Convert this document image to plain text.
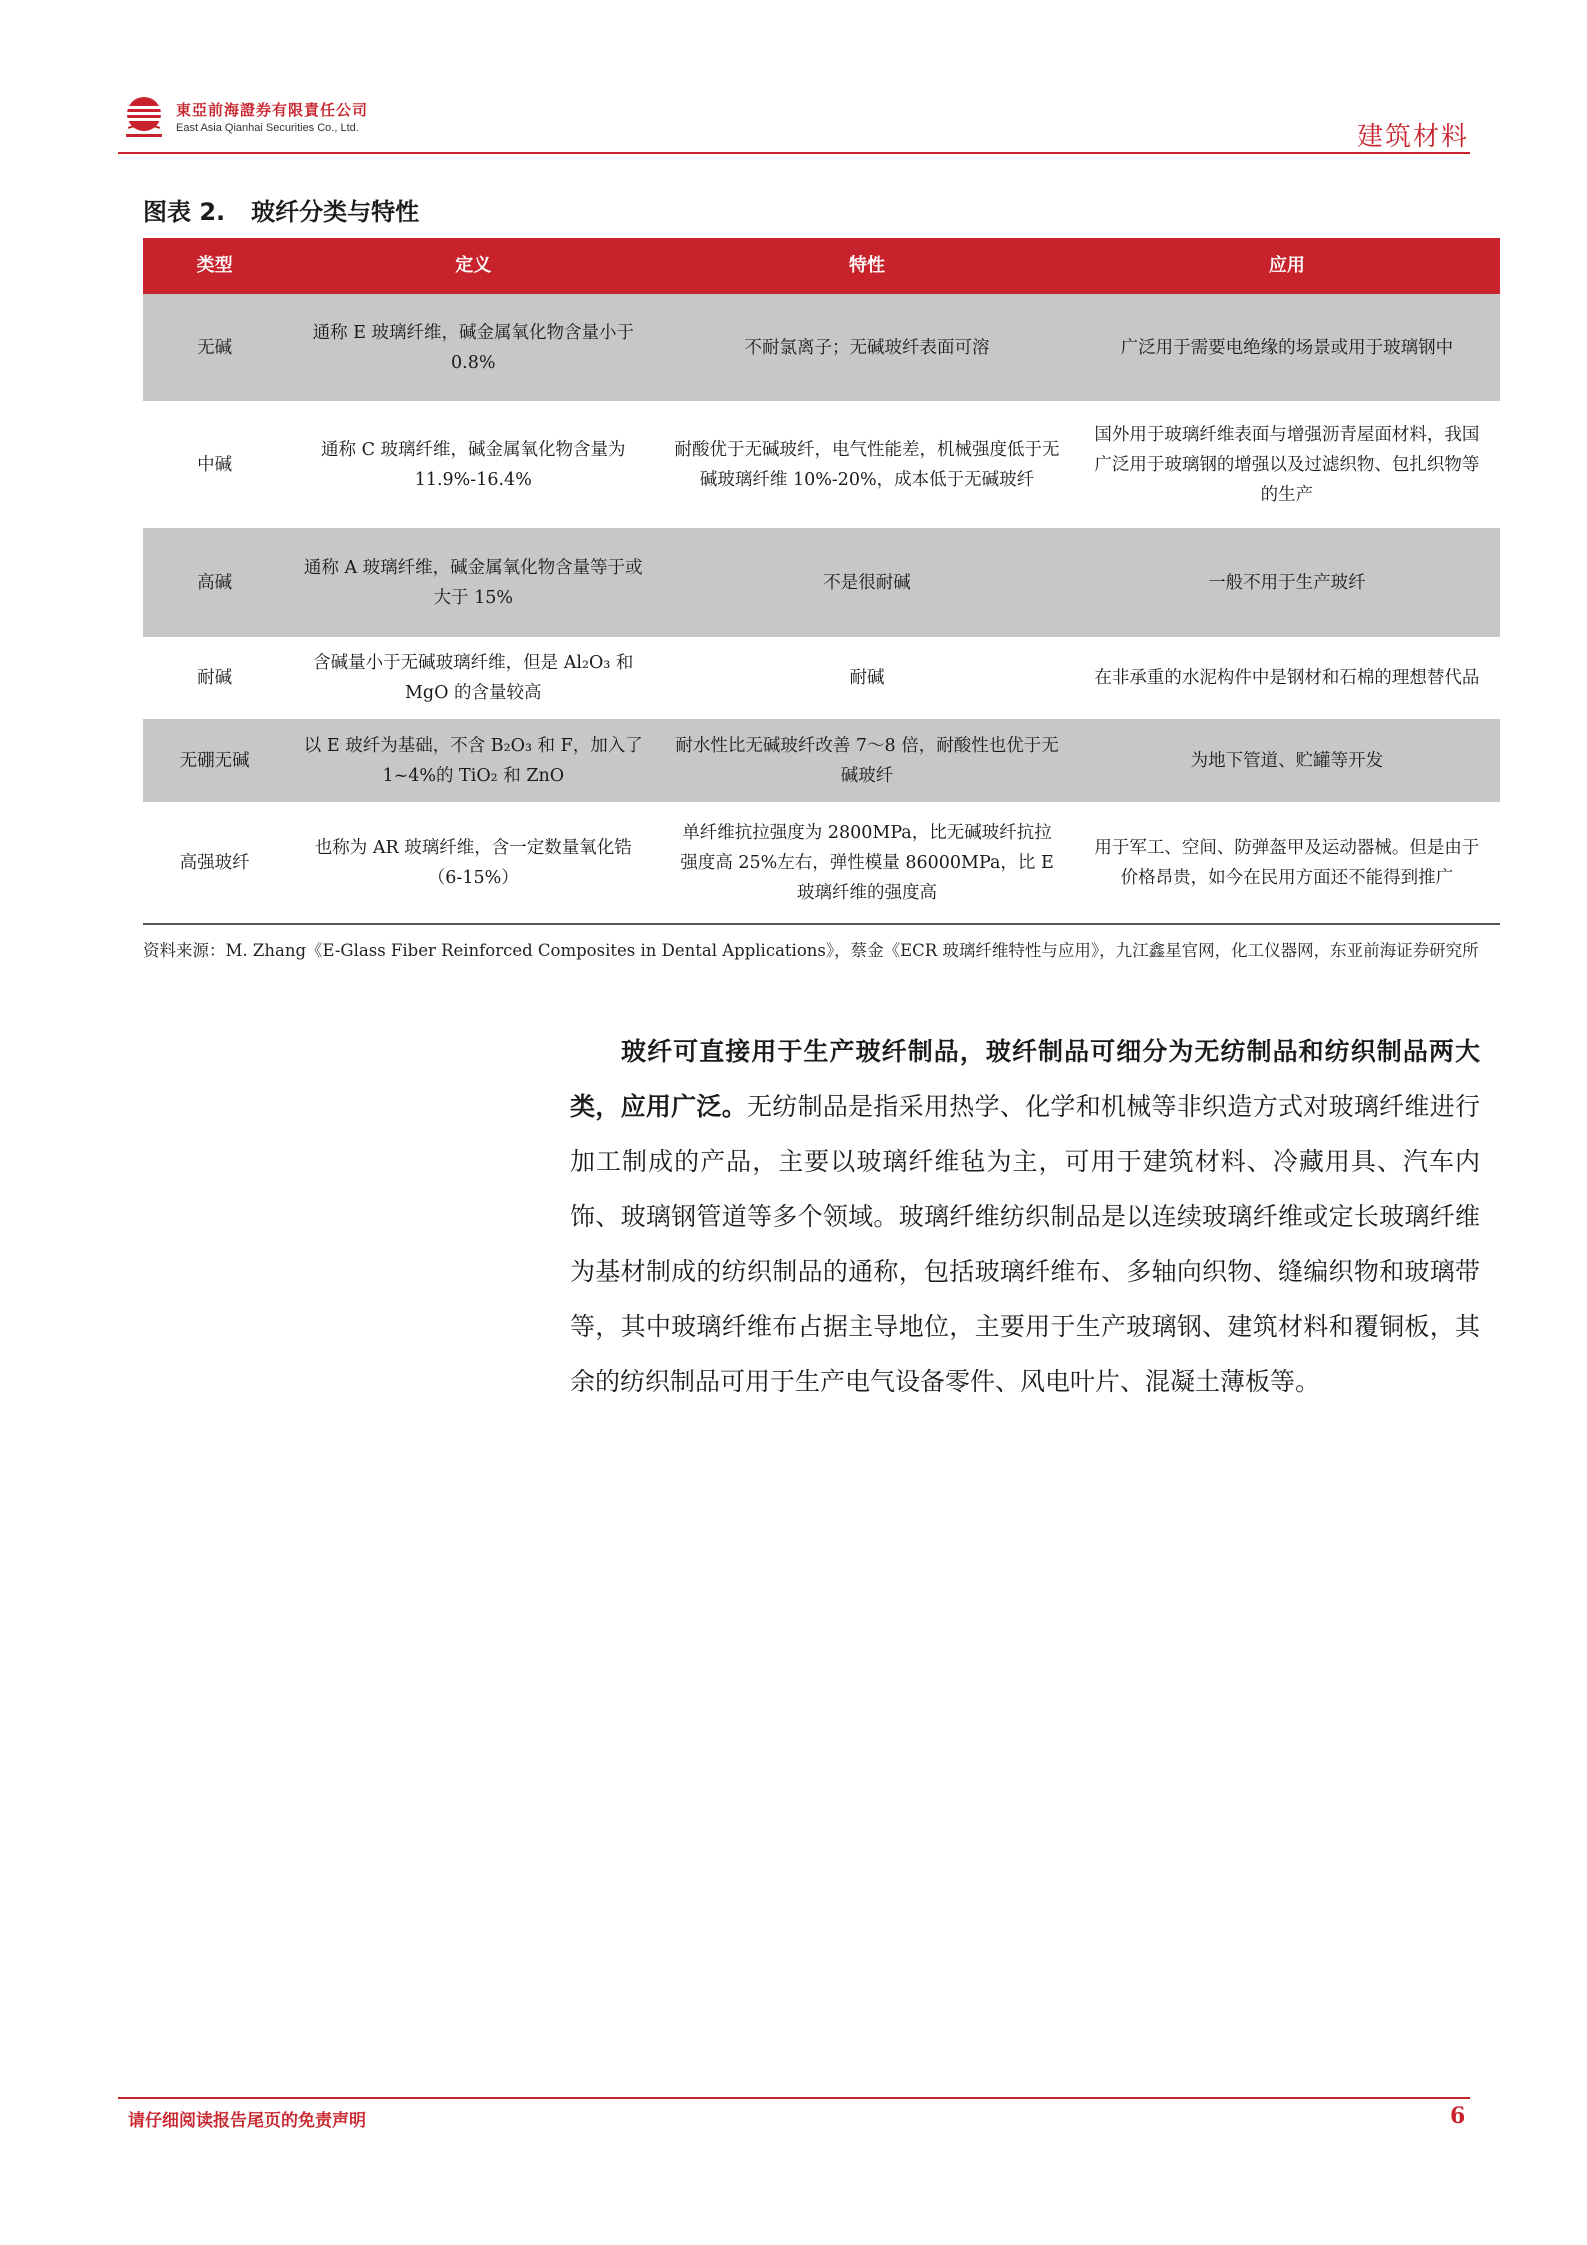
東亞前海證券有限責任公司
East Asia Qianhai Securities Co., Ltd.	建筑材料
图表 2. 玻纤分类与特性
类型	定义	特性	应用
无碱	通称 E 玻璃纤维，碱金属氧化物含量小于 0.8%	不耐氯离子；无碱玻纤表面可溶	广泛用于需要电绝缘的场景或用于玻璃钢中
中碱	通称 C 玻璃纤维，碱金属氧化物含量为 11.9%-16.4%	耐酸优于无碱玻纤，电气性能差，机械强度低于无碱玻璃纤维 10%-20%，成本低于无碱玻纤	国外用于玻璃纤维表面与增强沥青屋面材料，我国广泛用于玻璃钢的增强以及过滤织物、包扎织物等的生产
高碱	通称 A 玻璃纤维，碱金属氧化物含量等于或大于 15%	不是很耐碱	一般不用于生产玻纤
耐碱	含碱量小于无碱玻璃纤维，但是 Al₂O₃ 和 MgO 的含量较高	耐碱	在非承重的水泥构件中是钢材和石棉的理想替代品
无硼无碱	以 E 玻纤为基础，不含 B₂O₃ 和 F，加入了 1~4%的 TiO₂ 和 ZnO	耐水性比无碱玻纤改善 7～8 倍，耐酸性也优于无碱玻纤	为地下管道、贮罐等开发
高强玻纤	也称为 AR 玻璃纤维，含一定数量氧化锆（6-15%）	单纤维抗拉强度为 2800MPa，比无碱玻纤抗拉强度高 25%左右，弹性模量 86000MPa，比 E 玻璃纤维的强度高	用于军工、空间、防弹盔甲及运动器械。但是由于价格昂贵，如今在民用方面还不能得到推广
资料来源：M. Zhang《E-Glass Fiber Reinforced Composites in Dental Applications》，蔡金《ECR 玻璃纤维特性与应用》，九江鑫星官网，化工仪器网，东亚前海证券研究所
玻纤可直接用于生产玻纤制品，玻纤制品可细分为无纺制品和纺织制品两大类，应用广泛。无纺制品是指采用热学、化学和机械等非织造方式对玻璃纤维进行加工制成的产品，主要以玻璃纤维毡为主，可用于建筑材料、冷藏用具、汽车内饰、玻璃钢管道等多个领域。玻璃纤维纺织制品是以连续玻璃纤维或定长玻璃纤维为基材制成的纺织制品的通称，包括玻璃纤维布、多轴向织物、缝编织物和玻璃带等，其中玻璃纤维布占据主导地位，主要用于生产玻璃钢、建筑材料和覆铜板，其余的纺织制品可用于生产电气设备零件、风电叶片、混凝土薄板等。
请仔细阅读报告尾页的免责声明	6
